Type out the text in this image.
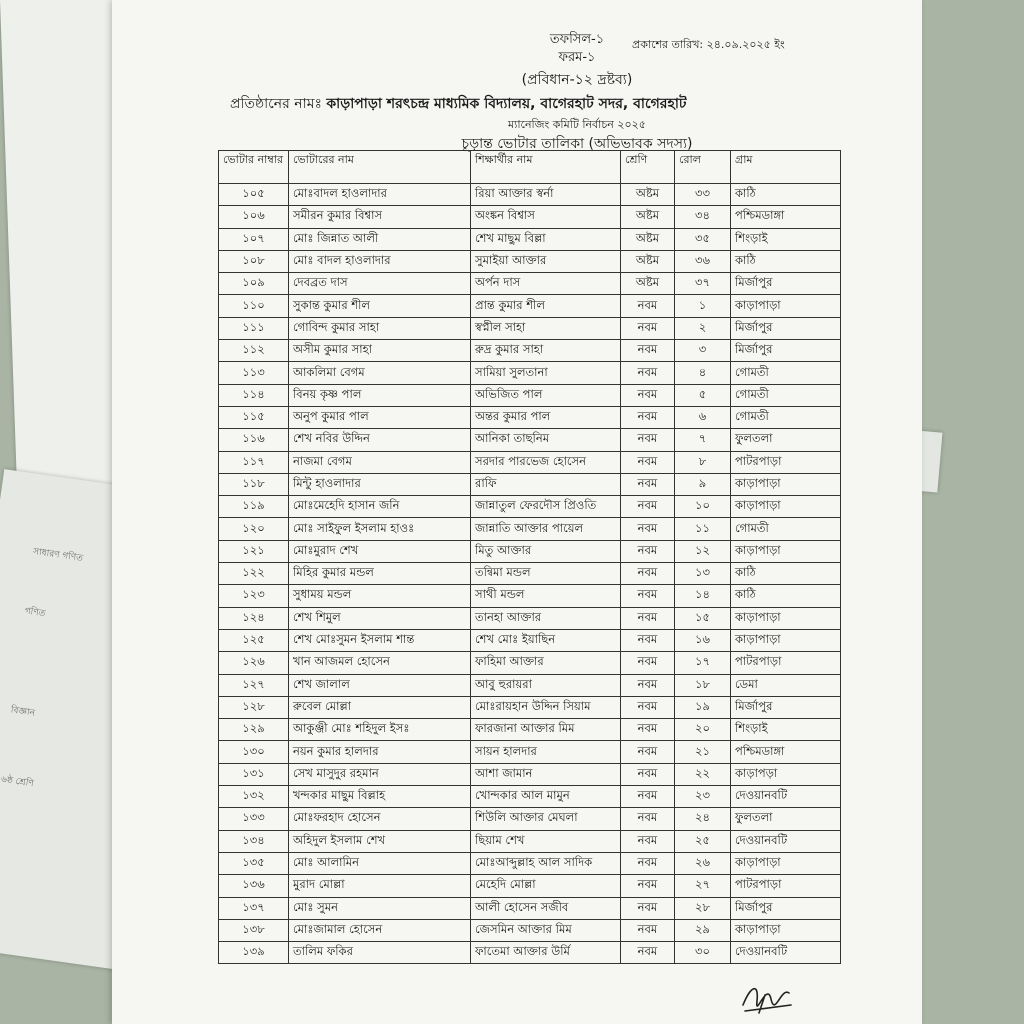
সাধারণ গণিত
গণিত
বিজ্ঞান
৬ষ্ঠ শ্রেণি
তফসিল-১	প্রকাশের তারিখ: ২৪.০৯.২০২৫ ইং
ফরম-১
(প্রবিধান-১২ দ্রষ্টব্য)
প্রতিষ্ঠানের নামঃ কাড়াপাড়া শরৎচন্দ্র মাধ্যমিক বিদ্যালয়, বাগেরহাট সদর, বাগেরহাট
ম্যানেজিং কমিটি নির্বাচন ২০২৫
চূড়ান্ত ভোটার তালিকা (অভিভাবক সদস্য)
ভোটার নাম্বার	ভোটারের নাম	শিক্ষার্থীর নাম	শ্রেণি	রোল	গ্রাম
১০৫	মোঃবাদল হাওলাদার	রিয়া আক্তার স্বর্না	অষ্টম	৩৩	কাঠি
১০৬	সমীরন কুমার বিশ্বাস	অংঙ্কন বিশ্বাস	অষ্টম	৩৪	পশ্চিমডাঙ্গা
১০৭	মোঃ জিন্নাত আলী	শেখ মাছুম বিল্লা	অষ্টম	৩৫	শিংড়াই
১০৮	মোঃ বাদল হাওলাদার	সুমাইয়া আক্তার	অষ্টম	৩৬	কাঠি
১০৯	দেবব্রত দাস	অর্পন দাস	অষ্টম	৩৭	মির্জাপুর
১১০	সুকান্ত কুমার শীল	প্রান্ত কুমার শীল	নবম	১	কাড়াপাড়া
১১১	গোবিন্দ কুমার সাহা	স্বপ্নীল সাহা	নবম	২	মির্জাপুর
১১২	অসীম কুমার সাহা	রুদ্র কুমার সাহা	নবম	৩	মির্জাপুর
১১৩	আকলিমা বেগম	সামিয়া সুলতানা	নবম	৪	গোমতী
১১৪	বিনয় কৃষ্ণ পাল	অভিজিত পাল	নবম	৫	গোমতী
১১৫	অনুপ কুমার পাল	অন্তর কুমার পাল	নবম	৬	গোমতী
১১৬	শেখ নবির উদ্দিন	আনিকা তাছনিম	নবম	৭	ফুলতলা
১১৭	নাজমা বেগম	সরদার পারভেজ হোসেন	নবম	৮	পাটরপাড়া
১১৮	মিন্টু হাওলাদার	রাফি	নবম	৯	কাড়াপাড়া
১১৯	মোঃমেহেদি হাসান জনি	জান্নাতুল ফেরদৌস প্রিওতি	নবম	১০	কাড়াপাড়া
১২০	মোঃ সাইফুল ইসলাম হাওঃ	জান্নাতি আক্তার পায়েল	নবম	১১	গোমতী
১২১	মোঃমুরাদ শেখ	মিতু আক্তার	নবম	১২	কাড়াপাড়া
১২২	মিহির কুমার মন্ডল	তন্বিমা মন্ডল	নবম	১৩	কাঠি
১২৩	সুধাময় মন্ডল	সাথী মন্ডল	নবম	১৪	কাঠি
১২৪	শেখ শিমুল	তানহা আক্তার	নবম	১৫	কাড়াপাড়া
১২৫	শেখ মোঃসুমন ইসলাম শান্ত	শেখ মোঃ ইয়াছিন	নবম	১৬	কাড়াপাড়া
১২৬	খান আজমল হোসেন	ফাহিমা আক্তার	নবম	১৭	পাটরপাড়া
১২৭	শেখ জালাল	আবু হুরায়রা	নবম	১৮	ডেমা
১২৮	রুবেল মোল্লা	মোঃরায়হান উদ্দিন সিয়াম	নবম	১৯	মির্জাপুর
১২৯	আকুঞ্জী মোঃ শহিদুল ইসঃ	ফারজানা আক্তার মিম	নবম	২০	শিংড়াই
১৩০	নয়ন কুমার হালদার	সায়ন হালদার	নবম	২১	পশ্চিমডাঙ্গা
১৩১	সেখ মাসুদুর রহমান	আশা জামান	নবম	২২	কাড়াপড়া
১৩২	খন্দকার মাছুম বিল্লাহ	খোন্দকার আল মামুন	নবম	২৩	দেওয়ানবটি
১৩৩	মোঃফরহাদ হোসেন	শিউলি আক্তার মেঘলা	নবম	২৪	ফুলতলা
১৩৪	অহিদুল ইসলাম শেখ	ছিয়াম শেখ	নবম	২৫	দেওয়ানবটি
১৩৫	মোঃ আলামিন	মোঃআব্দুল্লাহ আল সাদিক	নবম	২৬	কাড়াপাড়া
১৩৬	মুরাদ মোল্লা	মেহেদি মোল্লা	নবম	২৭	পাটরপাড়া
১৩৭	মোঃ সুমন	আলী হোসেন সজীব	নবম	২৮	মির্জাপুর
১৩৮	মোঃজামাল হোসেন	জেসমিন আক্তার মিম	নবম	২৯	কাড়াপাড়া
১৩৯	তালিম ফকির	ফাতেমা আক্তার উর্মি	নবম	৩০	দেওয়ানবটি
